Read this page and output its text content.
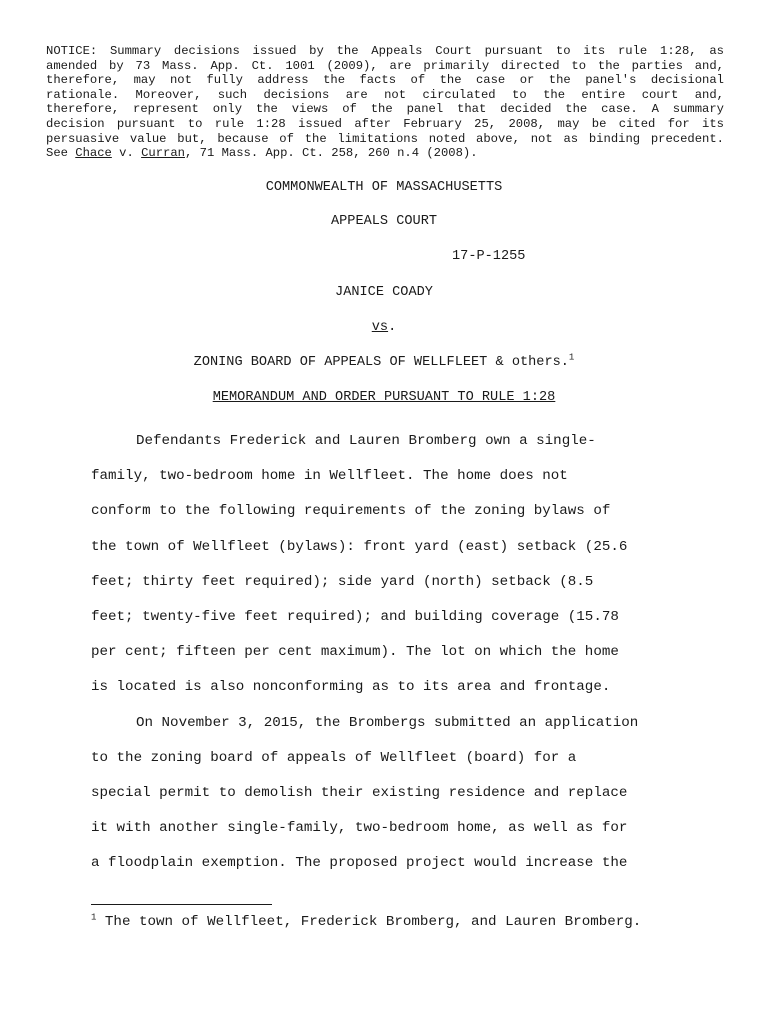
NOTICE: Summary decisions issued by the Appeals Court pursuant to its rule 1:28, as
amended by 73 Mass. App. Ct. 1001 (2009), are primarily directed to the parties and,
therefore, may not fully address the facts of the case or the panel's decisional
rationale. Moreover, such decisions are not circulated to the entire court and,
therefore, represent only the views of the panel that decided the case. A summary
decision pursuant to rule 1:28 issued after February 25, 2008, may be cited for its
persuasive value but, because of the limitations noted above, not as binding precedent.
See Chace v. Curran, 71 Mass. App. Ct. 258, 260 n.4 (2008).
COMMONWEALTH OF MASSACHUSETTS
APPEALS COURT
17-P-1255
JANICE COADY
vs.
ZONING BOARD OF APPEALS OF WELLFLEET & others.$^1$
MEMORANDUM AND ORDER PURSUANT TO RULE 1:28
Defendants Frederick and Lauren Bromberg own a single-
family, two-bedroom home in Wellfleet. The home does not
conform to the following requirements of the zoning bylaws of
the town of Wellfleet (bylaws): front yard (east) setback (25.6
feet; thirty feet required); side yard (north) setback (8.5
feet; twenty-five feet required); and building coverage (15.78
per cent; fifteen per cent maximum). The lot on which the home
is located is also nonconforming as to its area and frontage.
On November 3, 2015, the Brombergs submitted an application
to the zoning board of appeals of Wellfleet (board) for a
special permit to demolish their existing residence and replace
it with another single-family, two-bedroom home, as well as for
a floodplain exemption. The proposed project would increase the
$^1$ The town of Wellfleet, Frederick Bromberg, and Lauren Bromberg.
